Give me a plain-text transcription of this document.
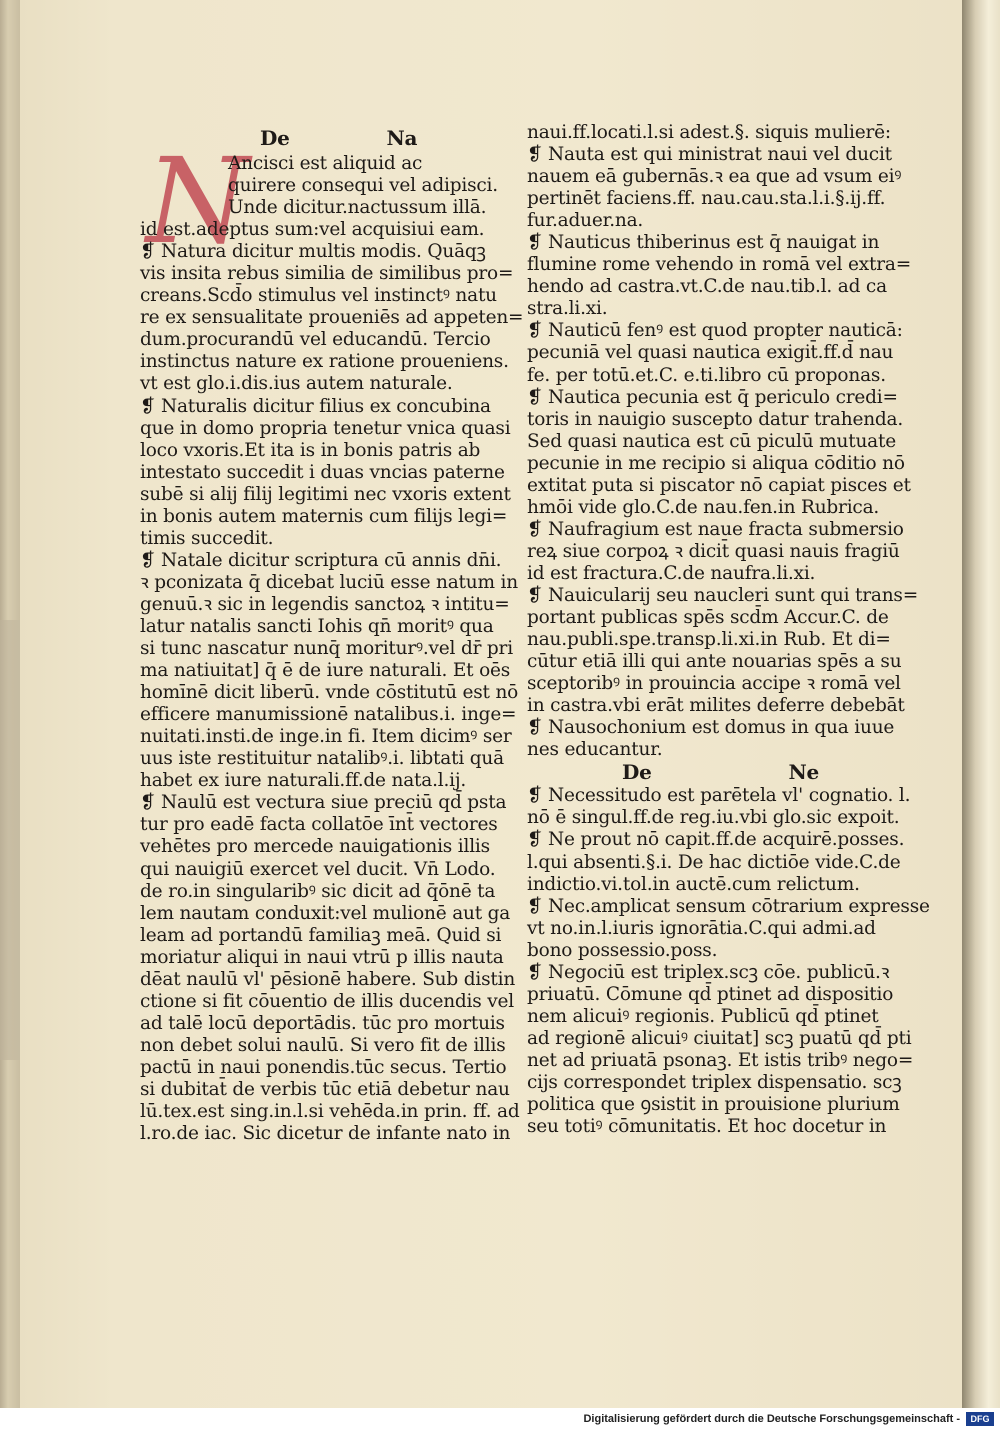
N De	Na
Ancisci est aliquid ac
quirere consequi vel adipisci.
Unde dicitur.nactussum illā.
id est.adeptus sum:vel acquisiui eam.
❡ Natura dicitur multis modis. Quāqꝫ
vis insita rebus similia de similibus pro=
creans.Scd̄o stimulus vel instinctꝰ natu
re ex sensualitate proueniēs ad appeten=
dum.procurandū vel educandū. Tercio
instinctus nature ex ratione proueniens.
vt est glo.i.dis.ius autem naturale.
❡ Naturalis dicitur filius ex concubina
que in domo propria tenetur vnica quasi
loco vxoris.Et ita is in bonis patris ab
intestato succedit i duas vncias paterne
subē si alij filij legitimi nec vxoris extent
in bonis autem maternis cum filijs legi=
timis succedit.
❡ Natale dicitur scriptura cū annis dn̄i.
ꝛ pconizata q̄ dicebat luciū esse natum in
genuū.ꝛ sic in legendis sanctoꝝ ꝛ intitu=
latur natalis sancti Iohis qn̄ moritꝰ qua
si tunc nascatur nunq̄ moriturꝰ.vel dr̄ pri
ma natiuitat] q̄ ē de iure naturali. Et oēs
homīnē dicit liberū. vnde cōstitutū est nō
efficere manumissionē natalibus.i. inge=
nuitati.insti.de inge.in fi. Item dicimꝰ ser
uus iste restituitur natalibꝰ.i. libtati quā
habet ex iure naturali.ff.de nata.l.ij.
❡ Naulū est vectura siue preciū qd̄ psta
tur pro eadē facta collatōe īnt̄ vectores
vehētes pro mercede nauigationis illis
qui nauigiū exercet vel ducit. Vn̄ Lodo.
de ro.in singularibꝰ sic dicit ad q̄ōnē ta
lem nautam conduxit:vel mulionē aut ga
leam ad portandū familiaꝫ meā. Quid si
moriatur aliqui in naui vtrū p illis nauta
dēat naulū vl' pēsionē habere. Sub distin
ctione si fit cōuentio de illis ducendis vel
ad talē locū deportādis. tūc pro mortuis
non debet solui naulū. Si vero fit de illis
pactū in naui ponendis.tūc secus. Tertio
si dubitat̄ de verbis tūc etiā debetur nau
lū.tex.est sing.in.l.si vehēda.in prin. ff. ad
l.ro.de iac. Sic dicetur de infante nato in
naui.ff.locati.l.si adest.§. siquis mulierē:
❡ Nauta est qui ministrat naui vel ducit
nauem eā gubernās.ꝛ ea que ad vsum eiꝰ
pertinēt faciens.ff. nau.cau.sta.l.i.§.ij.ff.
fur.aduer.na.
❡ Nauticus thiberinus est q̄ nauigat in
flumine rome vehendo in romā vel extra=
hendo ad castra.vt.C.de nau.tib.l. ad ca
stra.li.xi.
❡ Nauticū fenꝰ est quod propter nauticā:
pecuniā vel quasi nautica exigit̄.ff.d̄ nau
fe. per totū.et.C. e.ti.libro cū proponas.
❡ Nautica pecunia est q̄ periculo credi=
toris in nauigio suscepto datur trahenda.
Sed quasi nautica est cū piculū mutuate
pecunie in me recipio si aliqua cōditio nō
extitat puta si piscator nō capiat pisces et
hmōi vide glo.C.de nau.fen.in Rubrica.
❡ Naufragium est naue fracta submersio
reꝝ siue corpoꝝ ꝛ dicit̄ quasi nauis fragiū
id est fractura.C.de naufra.li.xi.
❡ Nauicularij seu naucleri sunt qui trans=
portant publicas spēs scd̄m Accur.C. de
nau.publi.spe.transp.li.xi.in Rub. Et di=
cūtur etiā illi qui ante nouarias spēs a su
sceptoribꝰ in prouincia accipe ꝛ romā vel
in castra.vbi erāt milites deferre debebāt
❡ Nausochonium est domus in qua iuue
nes educantur.
De	Ne
❡ Necessitudo est parētela vl' cognatio. l.
nō ē singul.ff.de reg.iu.vbi glo.sic expoit.
❡ Ne prout nō capit.ff.de acquirē.posses.
l.qui absenti.§.i. De hac dictiōe vide.C.de
indictio.vi.tol.in auctē.cum relictum.
❡ Nec.amplicat sensum cōtrarium expresse
vt no.in.l.iuris ignorātia.C.qui admi.ad
bono possessio.poss.
❡ Negociū est triplex.scꝫ cōe. publicū.ꝛ
priuatū. Cōmune qd̄ ptinet ad dispositio
nem alicuiꝰ regionis. Publicū qd̄ ptinet
ad regionē alicuiꝰ ciuitat] scꝫ puatū qd̄ pti
net ad priuatā psonaꝫ. Et istis tribꝰ nego=
cijs correspondet triplex dispensatio. scꝫ
politica que ꝯsistit in prouisione plurium
seu totiꝰ cōmunitatis. Et hoc docetur in
Digitalisierung gefördert durch die Deutsche Forschungsgemeinschaft -	DFG
